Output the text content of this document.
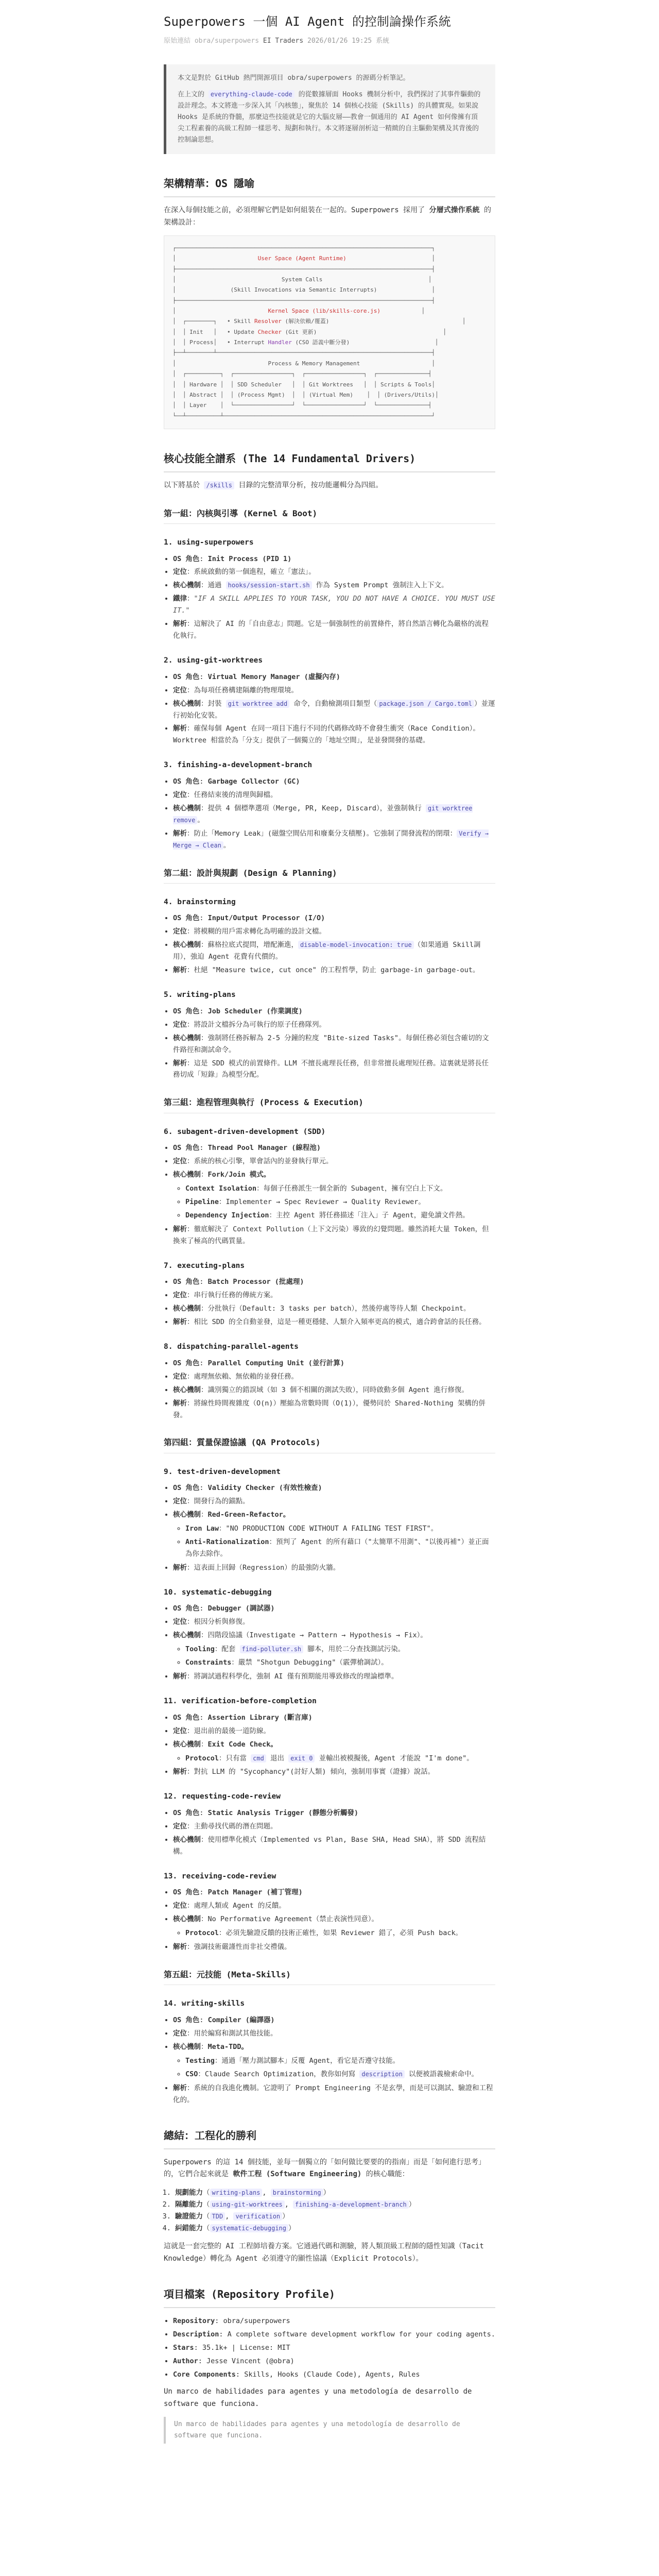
Superpowers 一個 AI Agent 的控制論操作系統
原始連結 obra/superpowers EI Traders 2026/01/26 19:25 系統

本文是對於 GitHub 熱門開源項目 obra/superpowers 的源碼分析筆記。

在上文的 everything-claude-code 的從數據層面 Hooks 機制分析中，我們探討了其事件驅動的設計理念。本文將進一步深入其「內核態」，聚焦於 14 個核心技能 (Skills) 的具體實現。如果說 Hooks 是系統的脊髓，那麼這些技能就是它的大腦皮層——教會一個通用的 AI Agent 如何像擁有頂尖工程素養的高級工程師一樣思考、規劃和執行。本文將逐層剖析這一精緻的自主驅動架構及其背後的控制論思想。

架構精華：OS 隱喻

在深入每個技能之前，必須理解它們是如何組裝在一起的。Superpowers 採用了 分層式操作系統 的架構設計：

┌───────────────────────────────────────────────────────────────────────────┐
│                        User Space (Agent Runtime)                         │
├───────────────────────────────────────────────────────────────────────────┤
│                               System Calls                               │
│                (Skill Invocations via Semantic Interrupts)                │
├───────────────────────────────────────────────────────────────────────────┤
│                           Kernel Space (lib/skills-core.js)            │
│  ┌────────┐   • Skill Resolver (解決依賴/覆蓋)                                       │
│  │ Init   │   • Update Checker (Git 更新)                                     │
│  │ Process│   • Interrupt Handler (CSO 語義中斷分發)                         │
├──┴────────┴───────────────────────────────────────────────────────────────┤
│                           Process & Memory Management                     │
│  ┌──────────┐  ┌─────────────────┐  ┌─────────────────┐  ┌───────────────┤
│  │ Hardware │  │ SDD Scheduler   │  │ Git Worktrees   │  │ Scripts & Tools│
│  │ Abstract │  │ (Process Mgmt)  │  │ (Virtual Mem)    │  │ (Drivers/Utils)│
│  │ Layer    │  └─────────────────┘  └─────────────────┘  └───────────────┤
└──┴──────────┴─────────────────────────────────────────────────────────────┘
核心技能全譜系 (The 14 Fundamental Drivers)

以下將基於 /skills 目錄的完整清單分析，按功能邏輯分為四組。

第一組：內核與引導 (Kernel & Boot)
1. using-superpowers
• OS 角色: Init Process (PID 1)
• 定位：系統啟動的第一個進程，確立「憲法」。
• 核心機制：通過 hooks/session-start.sh 作為 System Prompt 強制注入上下文。
• 鐵律："IF A SKILL APPLIES TO YOUR TASK, YOU DO NOT HAVE A CHOICE. YOU MUST USE IT."
• 解析：這解決了 AI 的「自由意志」問題。它是一個強制性的前置條件，將自然語言轉化為嚴格的流程化執行。
2. using-git-worktrees
• OS 角色: Virtual Memory Manager (虛擬內存)
• 定位：為每項任務構建隔離的物理環境。
• 核心機制：封裝 git worktree add 命令，自動檢測項目類型（ package.json / Cargo.toml ）並運行初始化安裝。
• 解析：確保每個 Agent 在同一項目下進行不同的代碼修改時不會發生衝突（Race Condition）。Worktree 相當於為「分支」提供了一個獨立的「地址空間」，是並發開發的基礎。
3. finishing-a-development-branch
• OS 角色: Garbage Collector (GC)
• 定位：任務結束後的清理與歸檔。
• 核心機制：提供 4 個標準選項（Merge, PR, Keep, Discard），並強制執行 git worktree remove 。
• 解析：防止「Memory Leak」(磁盤空間佔用和廢棄分支積壓)。它強制了開發流程的閉環： Verify → Merge → Clean 。
第二組：設計與規劃 (Design & Planning)
4. brainstorming
• OS 角色: Input/Output Processor (I/O)
• 定位：將模糊的用戶需求轉化為明確的設計文檔。
• 核心機制：蘇格拉底式提問，增配漸進， disable-model-invocation: true （如果通過 Skill調用），強迫 Agent 花費有代價的。
• 解析：杜絕 "Measure twice, cut once" 的工程哲學，防止 garbage-in garbage-out。
5. writing-plans
• OS 角色: Job Scheduler (作業調度)
• 定位：將設計文檔拆分為可執行的原子任務隊列。
• 核心機制：強制將任務拆解為 2-5 分鐘的粒度 "Bite-sized Tasks"。每個任務必須包含確切的文件路徑和測試命令。
• 解析：這是 SDD 模式的前置條件。LLM 不擅長處理長任務，但非常擅長處理短任務。這裏就是將長任務切成「短錄」為模型分配。
第三組：進程管理與執行 (Process & Execution)
6. subagent-driven-development (SDD)
• OS 角色: Thread Pool Manager (線程池)
• 定位：系統的核心引擎，單會話內的並發執行單元。
• 核心機制：Fork/Join 模式。
◦ Context Isolation：每個子任務派生一個全新的 Subagent，擁有空白上下文。
◦ Pipeline：Implementer → Spec Reviewer → Quality Reviewer。
◦ Dependency Injection：主控 Agent 將任務描述「注入」子 Agent，避免讀文件熱。
• 解析：徹底解決了 Context Pollution（上下文污染）導致的幻覺問題。雖然消耗大量 Token，但換來了極高的代碼質量。
7. executing-plans
• OS 角色: Batch Processor (批處理)
• 定位：串行執行任務的傳統方案。
• 核心機制：分批執行（Default: 3 tasks per batch），然後停處等待人類 Checkpoint。
• 解析：相比 SDD 的全自動並發，這是一種更穩健、人類介入頻率更高的模式，適合跨會話的長任務。
8. dispatching-parallel-agents
• OS 角色: Parallel Computing Unit (並行計算)
• 定位：處理無依賴、無依賴的並發任務。
• 核心機制：識別獨立的錯誤域（如 3 個不相關的測試失敗），同時啟動多個 Agent 進行修復。
• 解析：將線性時間複雜度（O(n)）壓縮為常數時間（O(1)），優勢同於 Shared-Nothing 架構的併發。
第四組：質量保證協議 (QA Protocols)
9. test-driven-development
• OS 角色: Validity Checker (有效性檢查)
• 定位：開發行為的錨點。
• 核心機制：Red-Green-Refactor。
◦ Iron Law："NO PRODUCTION CODE WITHOUT A FAILING TEST FIRST"。
◦ Anti-Rationalization：預判了 Agent 的所有藉口（"太簡單不用測"、"以後再補"）並正面為你去除作。
• 解析：這表面上回歸（Regression）的最強防火牆。
10. systematic-debugging
• OS 角色: Debugger (調試器)
• 定位：根因分析與修復。
• 核心機制：四階段協議（Investigate → Pattern → Hypothesis → Fix）。
◦ Tooling：配套 find-polluter.sh 腳本，用於二分查找測試污染。
◦ Constraints：嚴禁 "Shotgun Debugging"（霰彈槍調試）。
• 解析：將調試過程科學化，強制 AI 僅有預期能用導致修改的理論標準。
11. verification-before-completion
• OS 角色: Assertion Library (斷言庫)
• 定位：退出前的最後一道防線。
• 核心機制：Exit Code Check。
◦ Protocol：只有當 cmd 退出 exit 0 並輸出被模擬後，Agent 才能說 "I'm done"。
• 解析：對抗 LLM 的 "Sycophancy"(討好人類) 傾向，強制用事實（證據）說話。
12. requesting-code-review
• OS 角色: Static Analysis Trigger (靜態分析觸發)
• 定位：主動尋找代碼的潛在問題。
• 核心機制：使用標準化模式（Implemented vs Plan, Base SHA, Head SHA），將 SDD 流程結構。
13. receiving-code-review
• OS 角色: Patch Manager (補丁管理)
• 定位：處理人類或 Agent 的反饋。
• 核心機制：No Performative Agreement（禁止表演性同意）。
◦ Protocol：必須先驗證反饋的技術正確性，如果 Reviewer 錯了，必須 Push back。
• 解析：強調技術嚴謹性而非社交禮儀。
第五組：元技能 (Meta-Skills)
14. writing-skills
• OS 角色: Compiler (編譯器)
• 定位：用於編寫和測試其他技能。
• 核心機制：Meta-TDD。
◦ Testing：通過「壓力測試腳本」反覆 Agent，看它是否遵守技能。
◦ CSO：Claude Search Optimization，教你如何寫 description 以便被語義檢索命中。
• 解析：系統的自我進化機制。它證明了 Prompt Engineering 不是玄學，而是可以測試、驗證和工程化的。
總結：工程化的勝利

Superpowers 的這 14 個技能，並每一個獨立的「如何做比要要的的指南」而是「如何進行思考」的，它們合起來就是 軟件工程 (Software Engineering) 的核心職能：

1. 規劃能力（ writing-plans , brainstorming ）
2. 隔離能力（ using-git-worktrees , finishing-a-development-branch ）
3. 驗證能力（ TDD , verification ）
4. 糾錯能力（ systematic-debugging ）

這就是一套完整的 AI 工程師培養方案。它通過代碼和測驗，將人類頂級工程師的隱性知識（Tacit Knowledge）轉化為 Agent 必須遵守的顯性協議（Explicit Protocols）。

項目檔案 (Repository Profile)
• Repository: obra/superpowers
• Description: A complete software development workflow for your coding agents.
• Stars: 35.1k+ | License: MIT
• Author: Jesse Vincent (@obra)
• Core Components: Skills, Hooks (Claude Code), Agents, Rules

Un marco de habilidades para agentes y una metodología de desarrollo de software que funciona.

Un marco de habilidades para agentes y una metodología de desarrollo de software que funciona.
